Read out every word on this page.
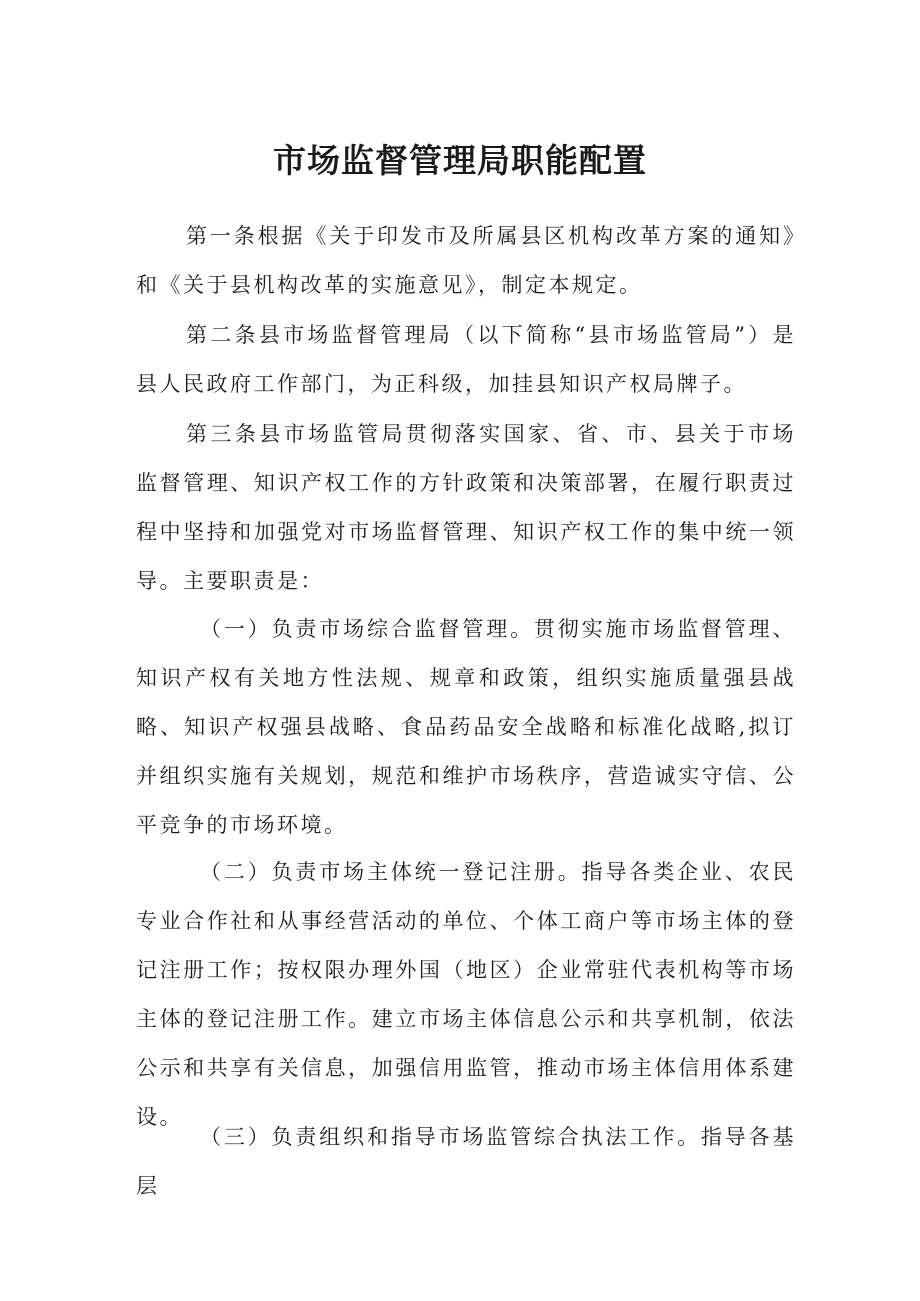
市场监督管理局职能配置

第一条根据《关于印发市及所属县区机构改革方案的通知》和《关于县机构改革的实施意见》，制定本规定。

第二条县市场监督管理局（以下简称“县市场监管局”）是县人民政府工作部门，为正科级，加挂县知识产权局牌子。

第三条县市场监管局贯彻落实国家、省、市、县关于市场监督管理、知识产权工作的方针政策和决策部署，在履行职责过程中坚持和加强党对市场监督管理、知识产权工作的集中统一领导。主要职责是：

（一）负责市场综合监督管理。贯彻实施市场监督管理、知识产权有关地方性法规、规章和政策，组织实施质量强县战略、知识产权强县战略、食品药品安全战略和标准化战略,拟订并组织实施有关规划，规范和维护市场秩序，营造诚实守信、公平竞争的市场环境。

（二）负责市场主体统一登记注册。指导各类企业、农民专业合作社和从事经营活动的单位、个体工商户等市场主体的登记注册工作；按权限办理外国（地区）企业常驻代表机构等市场主体的登记注册工作。建立市场主体信息公示和共享机制，依法公示和共享有关信息，加强信用监管，推动市场主体信用体系建设。

（三）负责组织和指导市场监管综合执法工作。指导各基层
